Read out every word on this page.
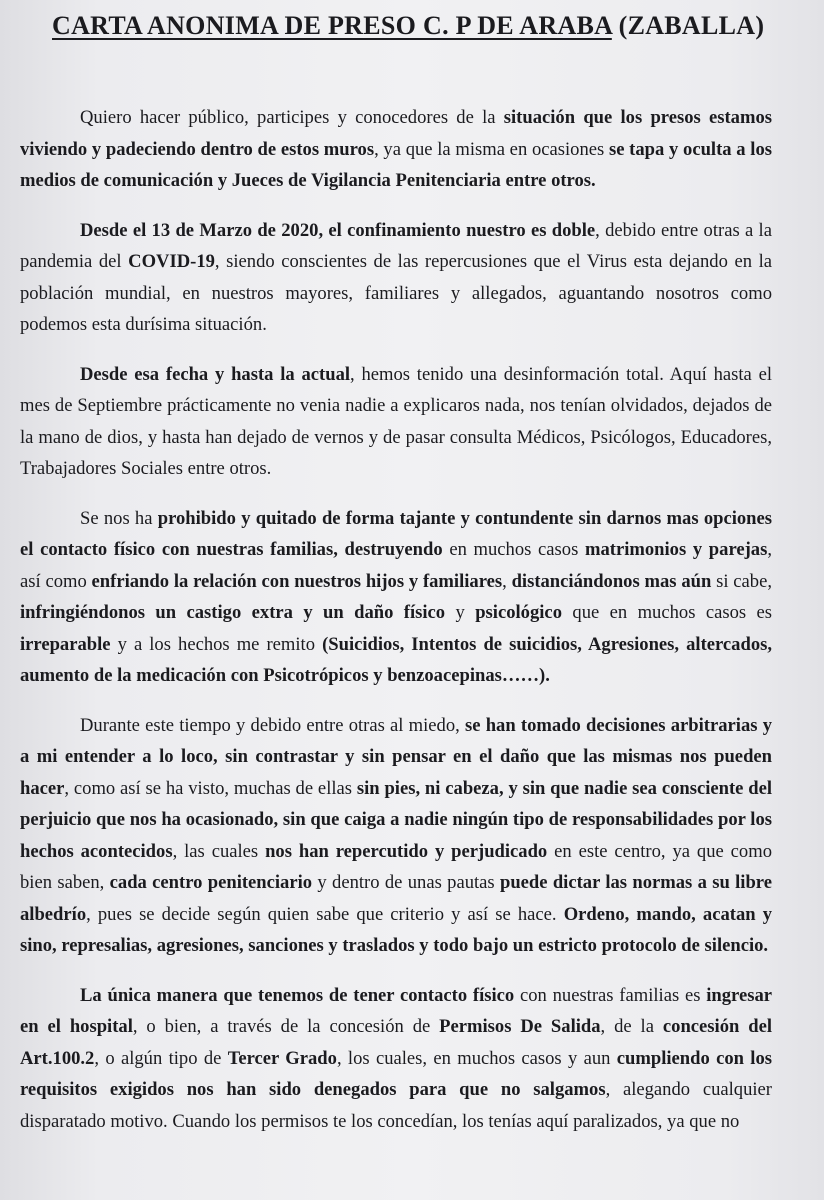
CARTA ANONIMA DE PRESO C. P DE ARABA (ZABALLA)

Quiero hacer público, participes y conocedores de la situación que los presos estamos viviendo y padeciendo dentro de estos muros, ya que la misma en ocasiones se tapa y oculta a los medios de comunicación y Jueces de Vigilancia Penitenciaria entre otros.

Desde el 13 de Marzo de 2020, el confinamiento nuestro es doble, debido entre otras a la pandemia del COVID-19, siendo conscientes de las repercusiones que el Virus esta dejando en la población mundial, en nuestros mayores, familiares y allegados, aguantando nosotros como podemos esta durísima situación.

Desde esa fecha y hasta la actual, hemos tenido una desinformación total. Aquí hasta el mes de Septiembre prácticamente no venia nadie a explicaros nada, nos tenían olvidados, dejados de la mano de dios, y hasta han dejado de vernos y de pasar consulta Médicos, Psicólogos, Educadores, Trabajadores Sociales entre otros.

Se nos ha prohibido y quitado de forma tajante y contundente sin darnos mas opciones el contacto físico con nuestras familias, destruyendo en muchos casos matrimonios y parejas, así como enfriando la relación con nuestros hijos y familiares, distanciándonos mas aún si cabe, infringiéndonos un castigo extra y un daño físico y psicológico que en muchos casos es irreparable y a los hechos me remito (Suicidios, Intentos de suicidios, Agresiones, altercados, aumento de la medicación con Psicotrópicos y benzoacepinas……).

Durante este tiempo y debido entre otras al miedo, se han tomado decisiones arbitrarias y a mi entender a lo loco, sin contrastar y sin pensar en el daño que las mismas nos pueden hacer, como así se ha visto, muchas de ellas sin pies, ni cabeza, y sin que nadie sea consciente del perjuicio que nos ha ocasionado, sin que caiga a nadie ningún tipo de responsabilidades por los hechos acontecidos, las cuales nos han repercutido y perjudicado en este centro, ya que como bien saben, cada centro penitenciario y dentro de unas pautas puede dictar las normas a su libre albedrío, pues se decide según quien sabe que criterio y así se hace. Ordeno, mando, acatan y sino, represalias, agresiones, sanciones y traslados y todo bajo un estricto protocolo de silencio.

La única manera que tenemos de tener contacto físico con nuestras familias es ingresar en el hospital, o bien, a través de la concesión de Permisos De Salida, de la concesión del Art.100.2, o algún tipo de Tercer Grado, los cuales, en muchos casos y aun cumpliendo con los requisitos exigidos nos han sido denegados para que no salgamos, alegando cualquier disparatado motivo. Cuando los permisos te los concedían, los tenías aquí paralizados, ya que no
